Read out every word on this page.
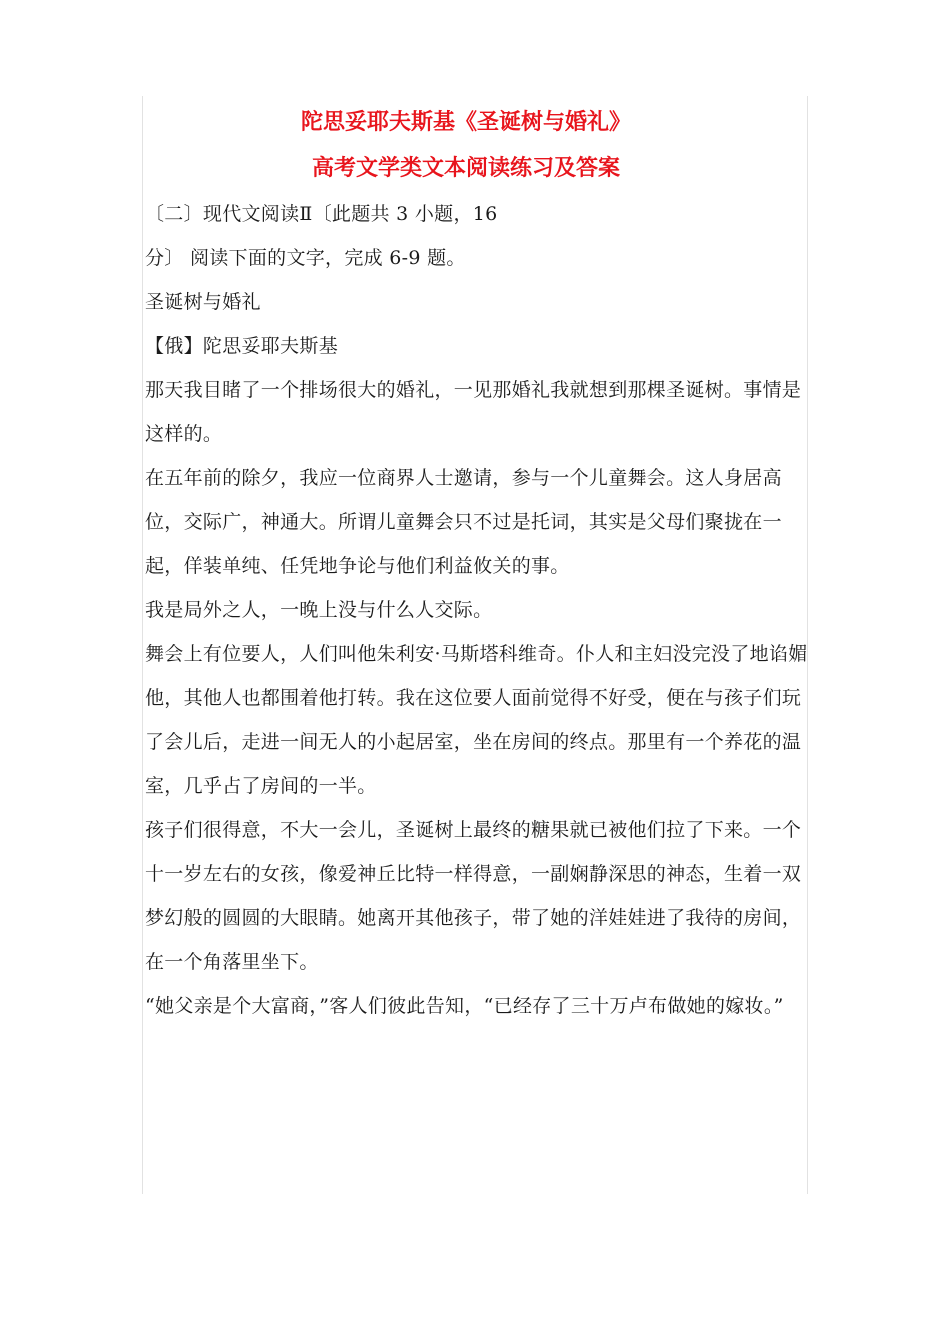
陀思妥耶夫斯基《圣诞树与婚礼》
高考文学类文本阅读练习及答案

〔二〕现代文阅读Ⅱ〔此题共 3 小题，16

分〕 阅读下面的文字，完成 6-9 题。

圣诞树与婚礼

【俄】陀思妥耶夫斯基

那天我目睹了一个排场很大的婚礼，一见那婚礼我就想到那棵圣诞树。事情是这样的。

在五年前的除夕，我应一位商界人士邀请，参与一个儿童舞会。这人身居高位，交际广，神通大。所谓儿童舞会只不过是托词，其实是父母们聚拢在一起，佯装单纯、任凭地争论与他们利益攸关的事。

我是局外之人，一晚上没与什么人交际。

舞会上有位要人，人们叫他朱利安·马斯塔科维奇。仆人和主妇没完没了地谄媚他，其他人也都围着他打转。我在这位要人面前觉得不好受，便在与孩子们玩了会儿后，走进一间无人的小起居室，坐在房间的终点。那里有一个养花的温室，几乎占了房间的一半。

孩子们很得意，不大一会儿，圣诞树上最终的糖果就已被他们拉了下来。一个十一岁左右的女孩，像爱神丘比特一样得意，一副娴静深思的神态，生着一双梦幻般的圆圆的大眼睛。她离开其他孩子，带了她的洋娃娃进了我待的房间，在一个角落里坐下。

“她父亲是个大富商，”客人们彼此告知，“已经存了三十万卢布做她的嫁妆。”
